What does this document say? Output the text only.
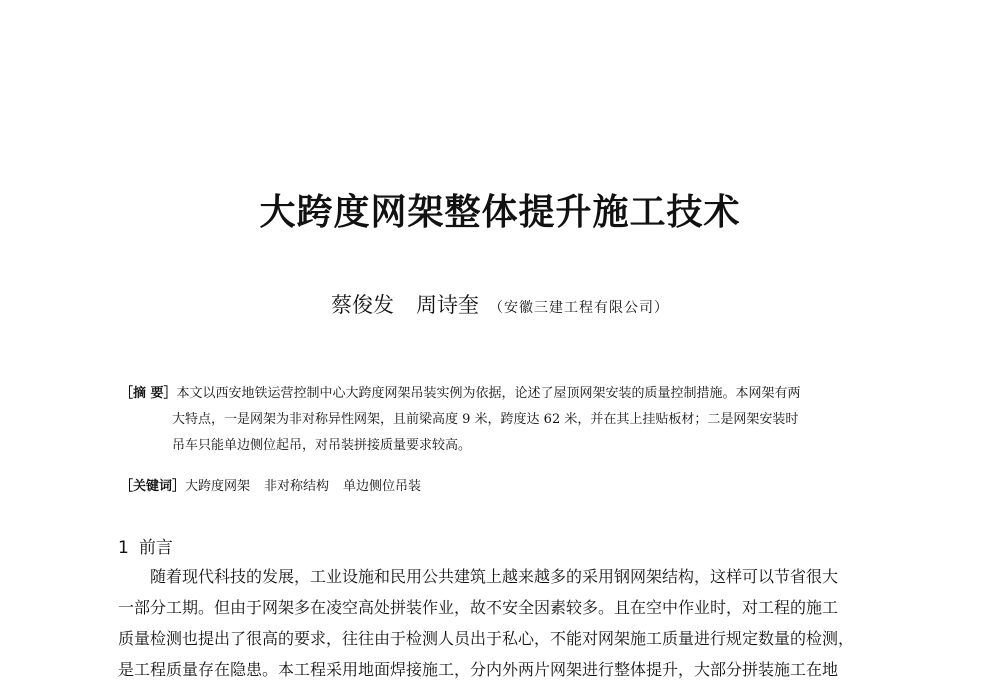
大跨度网架整体提升施工技术
蔡俊发 周诗奎 （安徽三建工程有限公司）
［摘 要］本文以西安地铁运营控制中心大跨度网架吊装实例为依据，论述了屋顶网架安装的质量控制措施。本网架有两
大特点，一是网架为非对称异性网架，且前梁高度 9 米，跨度达 62 米，并在其上挂贴板材；二是网架安装时
吊车只能单边侧位起吊，对吊装拼接质量要求较高。
［关键词］大跨度网架 非对称结构 单边侧位吊装
1 前言
随着现代科技的发展，工业设施和民用公共建筑上越来越多的采用钢网架结构，这样可以节省很大
一部分工期。但由于网架多在凌空高处拼装作业，故不安全因素较多。且在空中作业时，对工程的施工
质量检测也提出了很高的要求，往往由于检测人员出于私心，不能对网架施工质量进行规定数量的检测，
是工程质量存在隐患。本工程采用地面焊接施工，分内外两片网架进行整体提升，大部分拼装施工在地
